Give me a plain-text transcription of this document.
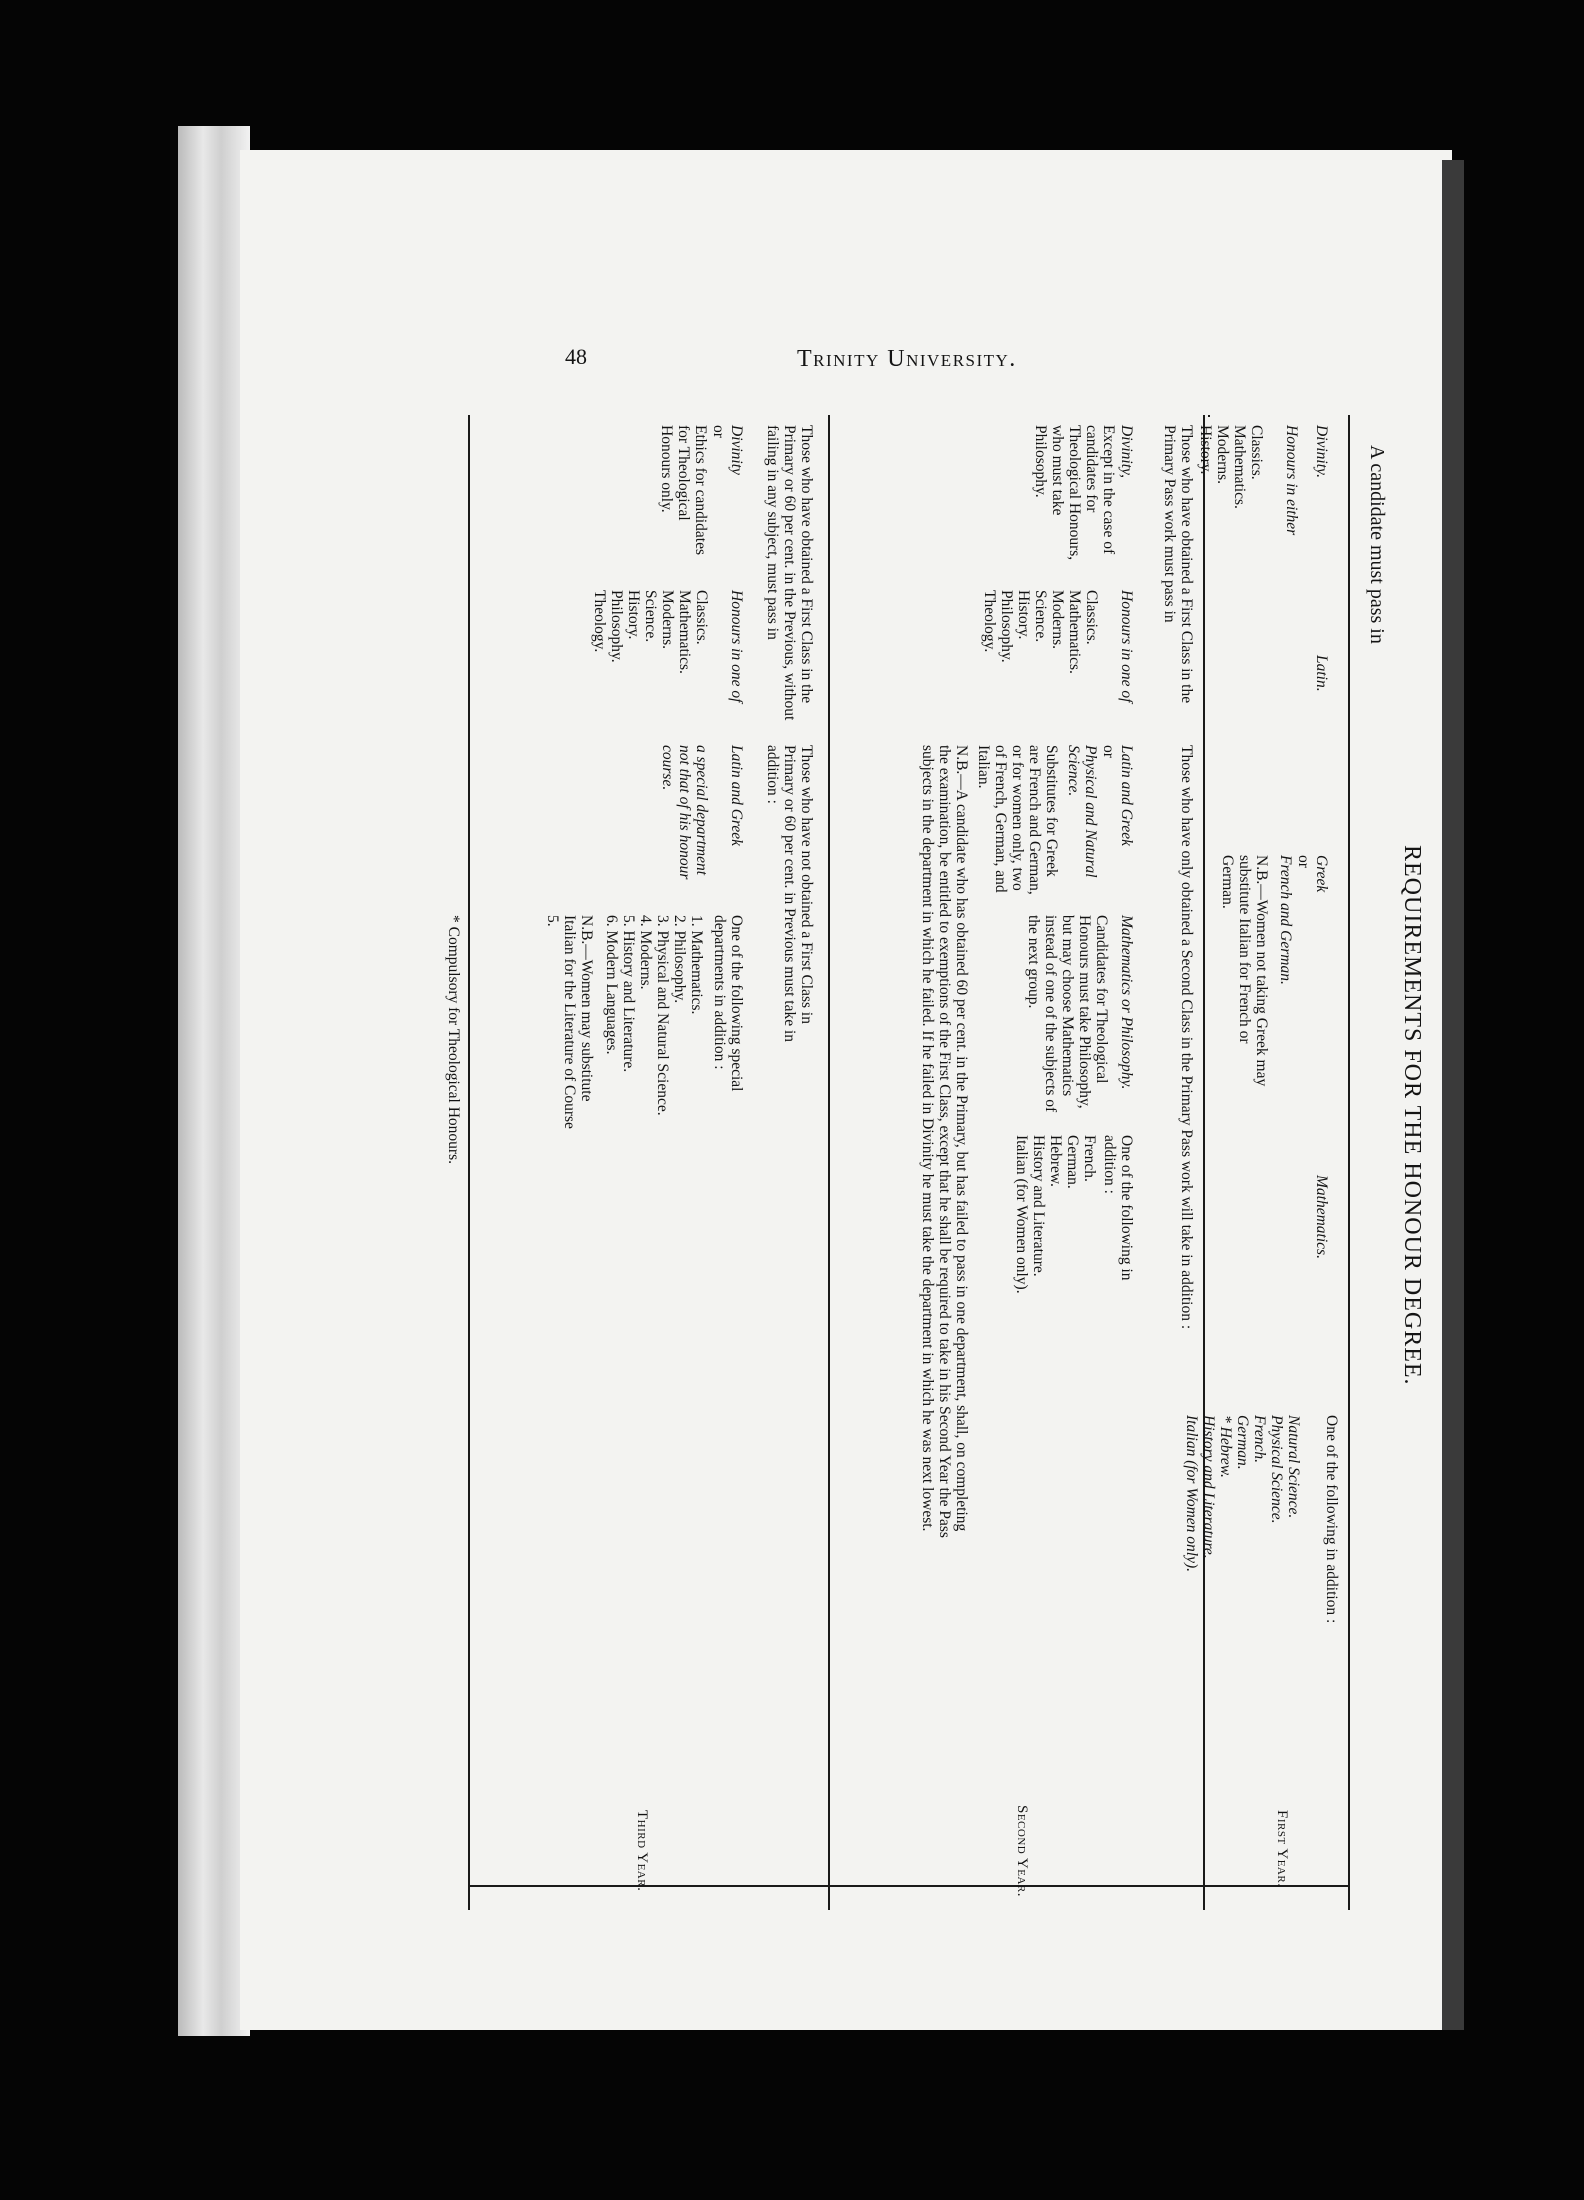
48	Trinity University.
REQUIREMENTS FOR THE HONOUR DEGREE.
A candidate must pass in
First Year.
Second Year.
Third Year.
Divinity.
Honours in either
Classics.
Mathematics.
Moderns.
History.
Latin.
Greek
or
French and German.
N.B.—Women not taking Greek may substitute Italian for French or German.
Mathematics.
One of the following in addition :
Natural Science.
Physical Science.
French.
German.
* Hebrew.
History and Literature.
Italian (for Women only).
Those who have obtained a First Class in the Primary Pass work must pass in
Those who have only obtained a Second Class in the Primary Pass work will take in addition :
Divinity,
Except in the case of candidates for Theological Honours, who must take Philosophy.
Honours in one of
Classics.
Mathematics.
Moderns.
Science.
History.
Philosophy.
Theology.
Latin and Greek
or
Physical and Natural Science.
Substitutes for Greek are French and German, or for women only, two of French, German, and Italian.
Mathematics or Philosophy.
Candidates for Theological Honours must take Philosophy, but may choose Mathematics instead of one of the subjects of the next group.
One of the following in addition :
French.
German.
Hebrew.
History and Literature.
Italian (for Women only).
N.B.—A candidate who has obtained 60 per cent. in the Primary, but has failed to pass in one department, shall, on completing the examination, be entitled to exemptions of the First Class, except that he shall be required to take in his Second Year the Pass subjects in the department in which he failed. If he failed in Divinity he must take the department in which he was next lowest.
Those who have obtained a First Class in the Primary or 60 per cent. in the Previous, without failing in any subject, must pass in
Those who have not obtained a First Class in Primary or 60 per cent. in Previous must take in addition :
Divinity
or
Ethics for candidates for Theological Honours only.
Honours in one of
Classics.
Mathematics.
Moderns.
Science.
History.
Philosophy.
Theology.
Latin and Greek
a special department not that of his honour course.
One of the following special departments in addition :
1. Mathematics.
2. Philosophy.
3. Physical and Natural Science.
4. Moderns.
5. History and Literature.
6. Modern Languages.
N.B.—Women may substitute Italian for the Literature of Course 5.
* Compulsory for Theological Honours.
